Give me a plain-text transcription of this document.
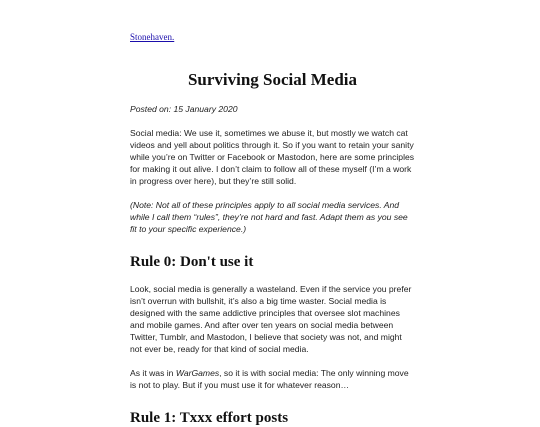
Stonehaven.
Surviving Social Media
Posted on: 15 January 2020
Social media: We use it, sometimes we abuse it, but mostly we watch cat
videos and yell about politics through it. So if you want to retain your sanity
while you’re on Twitter or Facebook or Mastodon, here are some principles
for making it out alive. I don’t claim to follow all of these myself (I’m a work
in progress over here), but they’re still solid.
(Note: Not all of these principles apply to all social media services. And
while I call them “rules”, they’re not hard and fast. Adapt them as you see
fit to your specific experience.)
Rule 0: Don't use it
Look, social media is generally a wasteland. Even if the service you prefer
isn’t overrun with bullshit, it’s also a big time waster. Social media is
designed with the same addictive principles that oversee slot machines
and mobile games. And after over ten years on social media between
Twitter, Tumblr, and Mastodon, I believe that society was not, and might
not ever be, ready for that kind of social media.
As it was in WarGames, so it is with social media: The only winning move
is not to play. But if you must use it for whatever reason…
Rule 1: Txxx effort posts
